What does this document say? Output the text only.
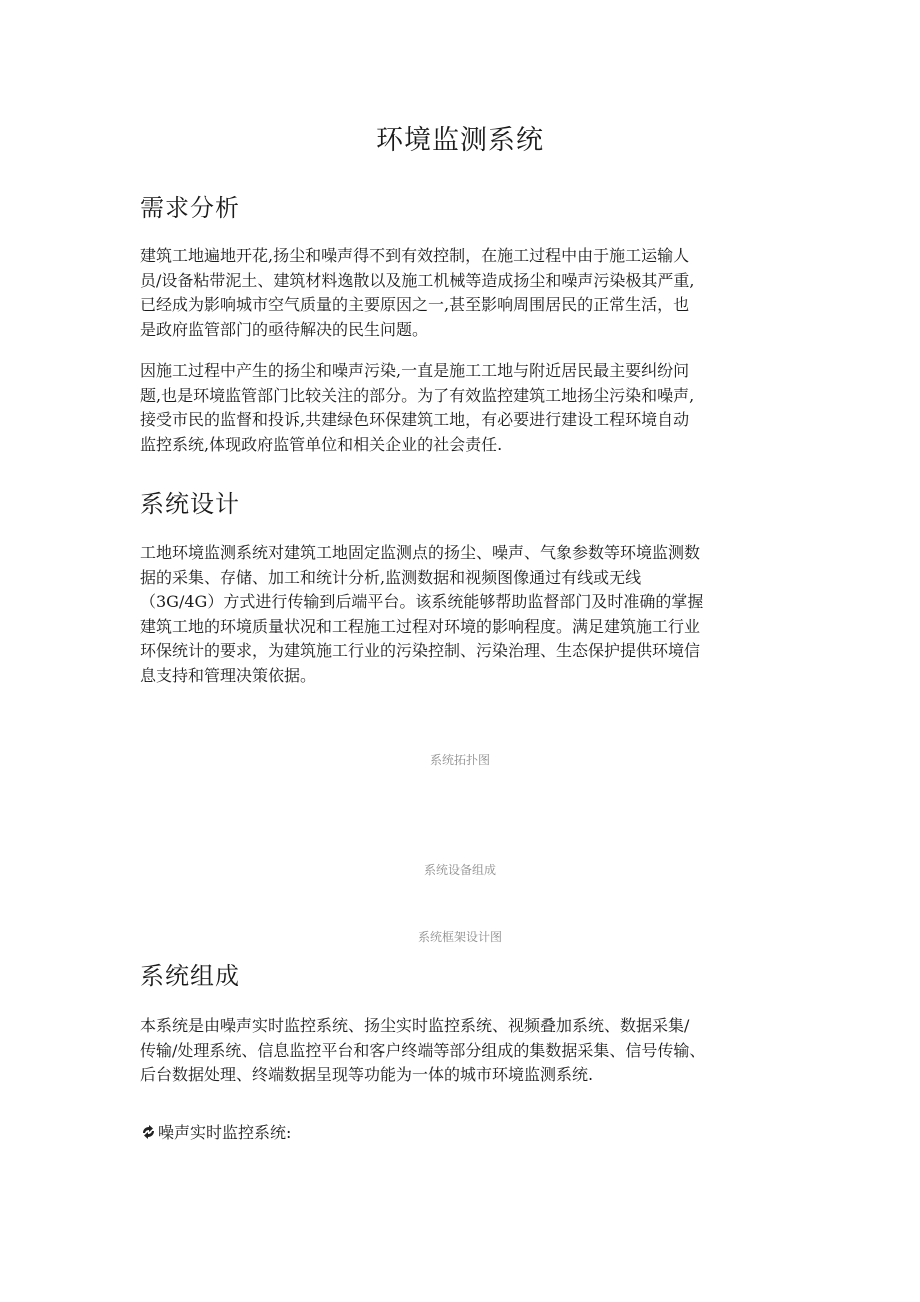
环境监测系统
需求分析

建筑工地遍地开花,扬尘和噪声得不到有效控制，在施工过程中由于施工运输人
员/设备粘带泥土、建筑材料逸散以及施工机械等造成扬尘和噪声污染极其严重,
已经成为影响城市空气质量的主要原因之一,甚至影响周围居民的正常生活，也
是政府监管部门的亟待解决的民生问题。

因施工过程中产生的扬尘和噪声污染,一直是施工工地与附近居民最主要纠纷问
题,也是环境监管部门比较关注的部分。为了有效监控建筑工地扬尘污染和噪声,
接受市民的监督和投诉,共建绿色环保建筑工地，有必要进行建设工程环境自动
监控系统,体现政府监管单位和相关企业的社会责任.

系统设计

工地环境监测系统对建筑工地固定监测点的扬尘、噪声、气象参数等环境监测数
据的采集、存储、加工和统计分析,监测数据和视频图像通过有线或无线
（3G/4G）方式进行传输到后端平台。该系统能够帮助监督部门及时准确的掌握
建筑工地的环境质量状况和工程施工过程对环境的影响程度。满足建筑施工行业
环保统计的要求，为建筑施工行业的污染控制、污染治理、生态保护提供环境信
息支持和管理决策依据。

系统拓扑图

系统设备组成

系统框架设计图

系统组成

本系统是由噪声实时监控系统、扬尘实时监控系统、视频叠加系统、数据采集/
传输/处理系统、信息监控平台和客户终端等部分组成的集数据采集、信号传输、
后台数据处理、终端数据呈现等功能为一体的城市环境监测系统.

噪声实时监控系统:
